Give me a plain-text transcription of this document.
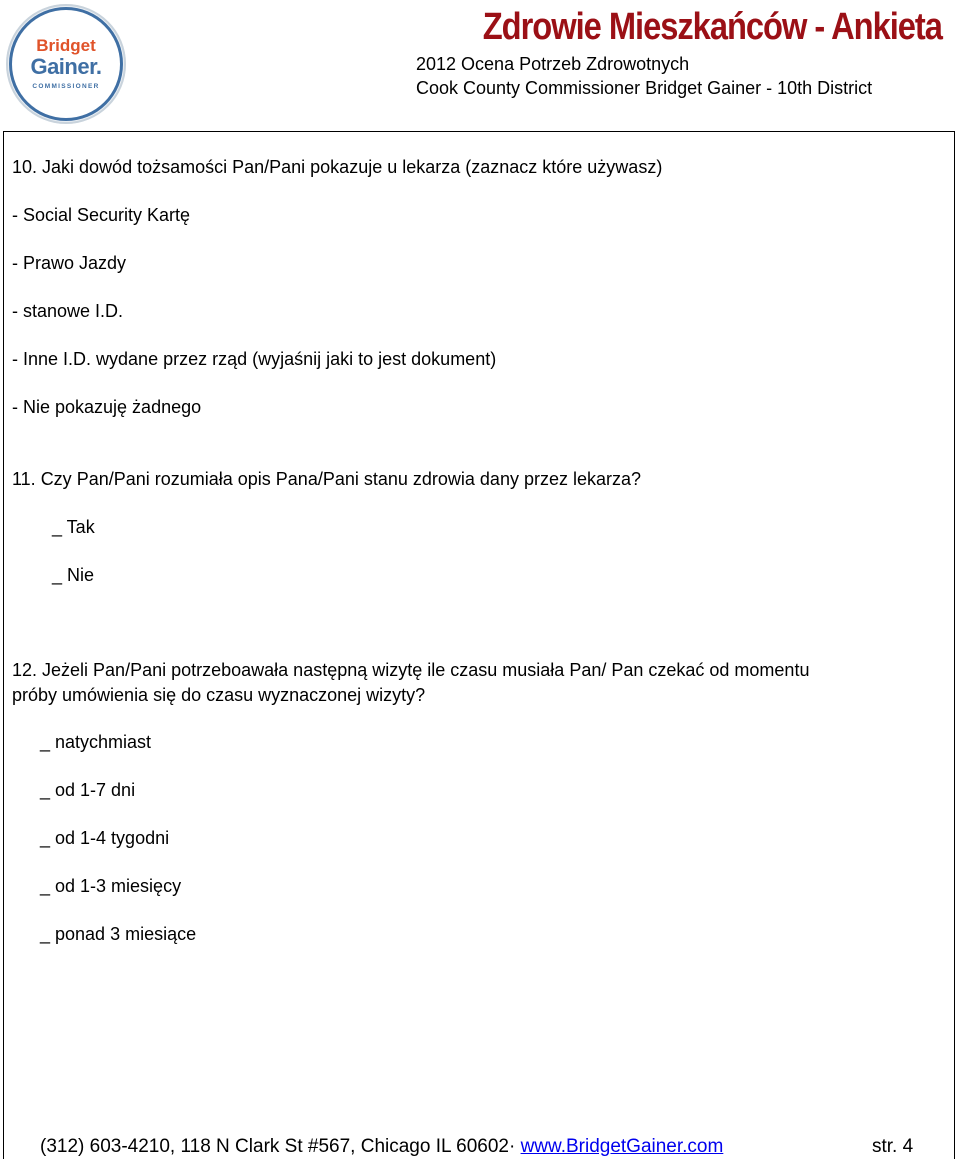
Bridget
Gainer.
COMMISSIONER
Zdrowie Mieszkańców - Ankieta
2012 Ocena Potrzeb Zdrowotnych
Cook County Commissioner Bridget Gainer - 10th District
10. Jaki dowód tożsamości Pan/Pani pokazuje u lekarza (zaznacz które używasz)
- Social Security Kartę
- Prawo Jazdy
- stanowe I.D.
- Inne I.D. wydane przez rząd (wyjaśnij jaki to jest dokument)
- Nie pokazuję żadnego
11. Czy Pan/Pani rozumiała opis Pana/Pani stanu zdrowia dany przez lekarza?
_ Tak
_ Nie
12. Jeżeli Pan/Pani potrzeboawała następną wizytę ile czasu musiała Pan/ Pan czekać od momentu
próby umówienia się do czasu wyznaczonej wizyty?
_ natychmiast
_ od 1-7 dni
_ od 1-4 tygodni
_ od 1-3 miesięcy
_ ponad 3 miesiące
(312) 603-4210, 118 N Clark St #567, Chicago IL 60602· www.BridgetGainer.com	str. 4
